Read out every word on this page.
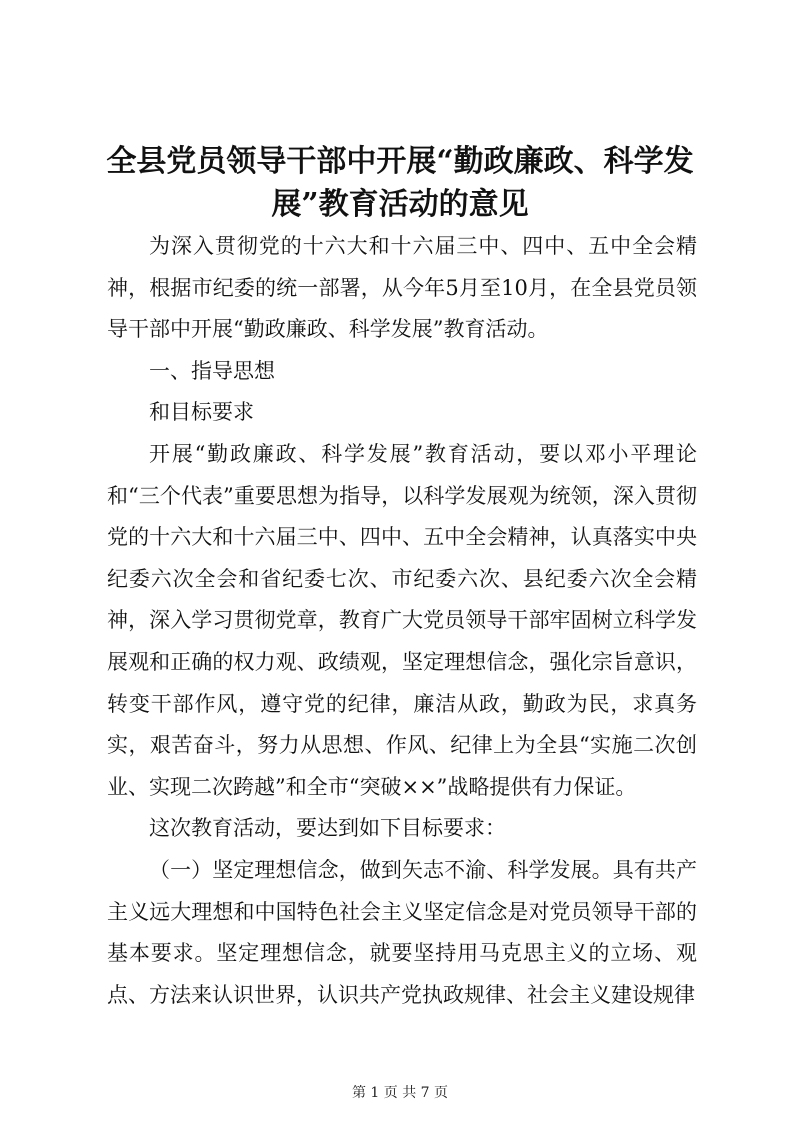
全县党员领导干部中开展“勤政廉政、科学发展”教育活动的意见

为深入贯彻党的十六大和十六届三中、四中、五中全会精神，根据市纪委的统一部署，从今年5月至10月，在全县党员领导干部中开展“勤政廉政、科学发展”教育活动。

一、指导思想

和目标要求

开展“勤政廉政、科学发展”教育活动，要以邓小平理论和“三个代表”重要思想为指导，以科学发展观为统领，深入贯彻党的十六大和十六届三中、四中、五中全会精神，认真落实中央纪委六次全会和省纪委七次、市纪委六次、县纪委六次全会精神，深入学习贯彻党章，教育广大党员领导干部牢固树立科学发展观和正确的权力观、政绩观，坚定理想信念，强化宗旨意识，转变干部作风，遵守党的纪律，廉洁从政，勤政为民，求真务实，艰苦奋斗，努力从思想、作风、纪律上为全县“实施二次创业、实现二次跨越”和全市“突破××”战略提供有力保证。

这次教育活动，要达到如下目标要求：

（一）坚定理想信念，做到矢志不渝、科学发展。具有共产主义远大理想和中国特色社会主义坚定信念是对党员领导干部的基本要求。坚定理想信念，就要坚持用马克思主义的立场、观点、方法来认识世界，认识共产党执政规律、社会主义建设规律

第 1 页 共 7 页
